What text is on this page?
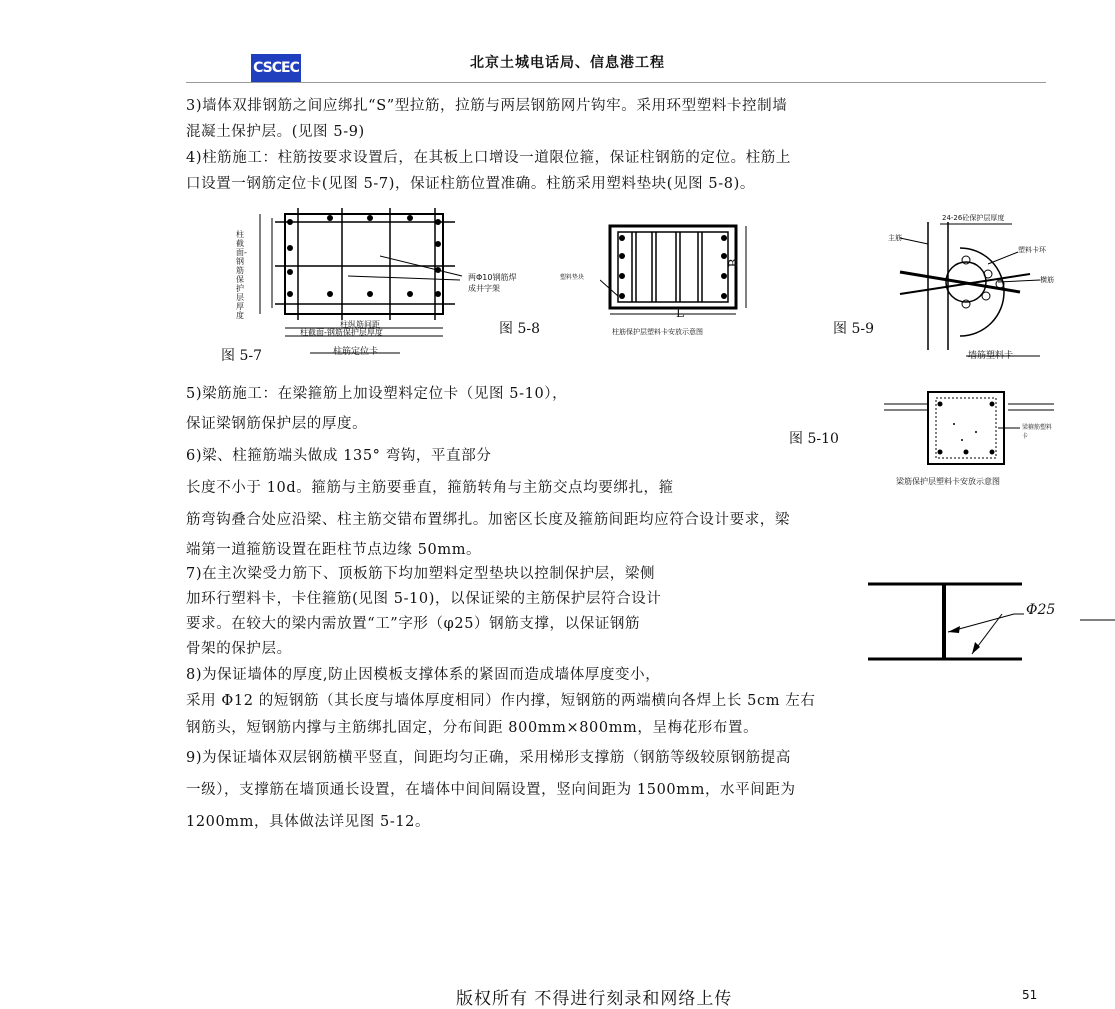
CSCEC	北京土城电话局、信息港工程
3)墙体双排钢筋之间应绑扎“S”型拉筋，拉筋与两层钢筋网片钩牢。采用环型塑料卡控制墙
混凝土保护层。(见图 5-9)
4)柱筋施工：柱筋按要求设置后，在其板上口增设一道限位箍，保证柱钢筋的定位。柱筋上
口设置一钢筋定位卡(见图 5-7)，保证柱筋位置准确。柱筋采用塑料垫块(见图 5-8)。
柱截面-钢筋保护层厚度
两Φ10钢筋焊成井字架
柱纵筋间距
柱截面-钢筋保护层厚度
柱筋定位卡
图 5-7
L
B
塑料垫块
柱筋保护层塑料卡安放示意图
图 5-8
24-26砼保护层厚度
主筋
塑料卡环
横筋
墙筋塑料卡
图 5-9
5)梁筋施工：在梁箍筋上加设塑料定位卡（见图 5-10），
保证梁钢筋保护层的厚度。
6)梁、柱箍筋端头做成 135° 弯钩，平直部分
长度不小于 10d。箍筋与主筋要垂直，箍筋转角与主筋交点均要绑扎，箍
筋弯钩叠合处应沿梁、柱主筋交错布置绑扎。加密区长度及箍筋间距均应符合设计要求，梁
端第一道箍筋设置在距柱节点边缘 50mm。
梁箍筋塑料卡
梁筋保护层塑料卡安放示意图
图 5-10
7)在主次梁受力筋下、顶板筋下均加塑料定型垫块以控制保护层，梁侧
加环行塑料卡，卡住箍筋(见图 5-10)，以保证梁的主筋保护层符合设计
要求。在较大的梁内需放置“工”字形（φ25）钢筋支撑，以保证钢筋
骨架的保护层。
Φ25
8)为保证墙体的厚度,防止因模板支撑体系的紧固而造成墙体厚度变小，
采用 Φ12 的短钢筋（其长度与墙体厚度相同）作内撑，短钢筋的两端横向各焊上长 5cm 左右
钢筋头，短钢筋内撑与主筋绑扎固定，分布间距 800mm×800mm，呈梅花形布置。
9)为保证墙体双层钢筋横平竖直，间距均匀正确，采用梯形支撑筋（钢筋等级较原钢筋提高
一级），支撑筋在墙顶通长设置，在墙体中间间隔设置，竖向间距为 1500mm，水平间距为
1200mm，具体做法详见图 5-12。
版权所有 不得进行刻录和网络上传	51
